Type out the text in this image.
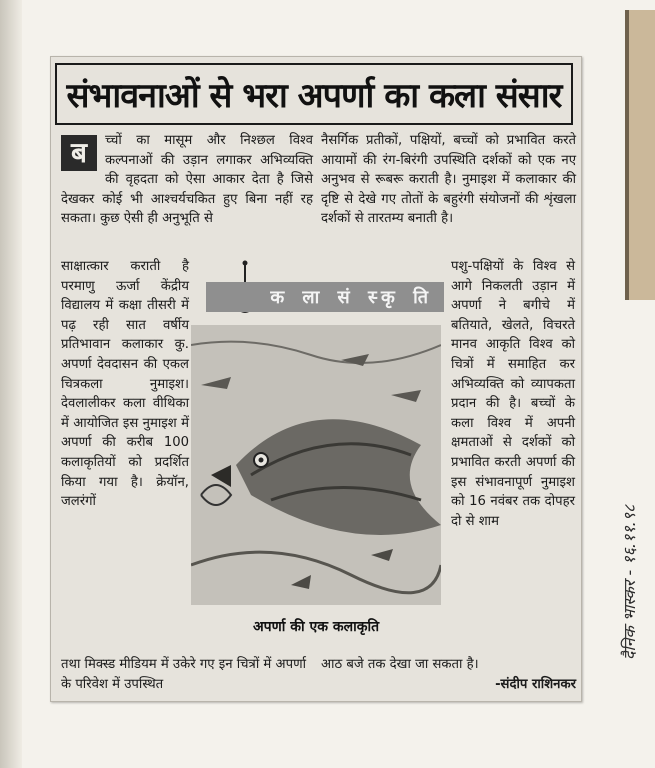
संभावनाओं से भरा अपर्णा का कला संसार
ब	च्चों का मासूम और निश्छल विश्व कल्पनाओं की उड़ान लगाकर अभिव्यक्ति की वृहदता को ऐसा आकार देता है जिसे देखकर कोई भी आश्चर्यचकित हुए बिना नहीं रह सकता। कुछ ऐसी ही अनुभूति से

नैसर्गिक प्रतीकों, पक्षियों, बच्चों को प्रभावित करते आयामों की रंग-बिरंगी उपस्थिति दर्शकों को एक नए अनुभव से रूबरू कराती है। नुमाइश में कलाकार की दृष्टि से देखे गए तोतों के बहुरंगी संयोजनों की शृंखला दर्शकों से तारतम्य बनाती है।

साक्षात्कार कराती है परमाणु ऊर्जा केंद्रीय विद्यालय में कक्षा तीसरी में पढ़ रही सात वर्षीय प्रतिभावान कलाकार कु. अपर्णा देवदासन की एकल चित्रकला नुमाइश। देवलालीकर कला वीथिका में आयोजित इस नुमाइश में अपर्णा की करीब 100 कलाकृतियों को प्रदर्शित किया गया है। क्रेयॉन, जलरंगों

पशु-पक्षियों के विश्व से आगे निकलती उड़ान में अपर्णा ने बगीचे में बतियाते, खेलते, विचरते मानव आकृति विश्व को चित्रों में समाहित कर अभिव्यक्ति को व्यापकता प्रदान की है। बच्चों के कला विश्व में अपनी क्षमताओं से दर्शकों को प्रभावित करती अपर्णा की इस संभावनापूर्ण नुमाइश को 16 नवंबर तक दोपहर दो से शाम

क ला सं स्कृ ति
अपर्णा की एक कलाकृति
तथा मिक्स्ड मीडियम में उकेरे गए इन चित्रों में अपर्णा के परिवेश में उपस्थित
आठ बजे तक देखा जा सकता है।
-संदीप राशिनकर
दैनिक भास्कर - १६.११.९८
